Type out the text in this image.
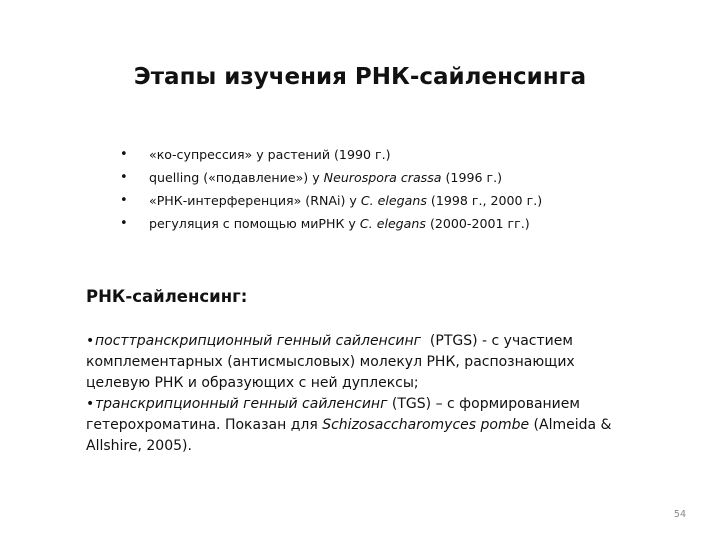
Этапы изучения РНК-сайленсинга
• «ко-супрессия» у растений (1990 г.)
• quelling («подавление») у Neurospora crassa (1996 г.)
• «РНК-интерференция» (RNAi) у C. elegans (1998 г., 2000 г.)
• регуляция с помощью миРНК у C. elegans (2000-2001 гг.)
РНК-сайленсинг:
•посттранскрипционный генный сайленсинг (PTGS) - с участием
комплементарных (антисмысловых) молекул РНК, распознающих
целевую РНК и образующих с ней дуплексы;
•транскрипционный генный сайленсинг (TGS) – с формированием
гетерохроматина. Показан для Schizosaccharomyces pombe (Almeida &
Allshire, 2005).
54
